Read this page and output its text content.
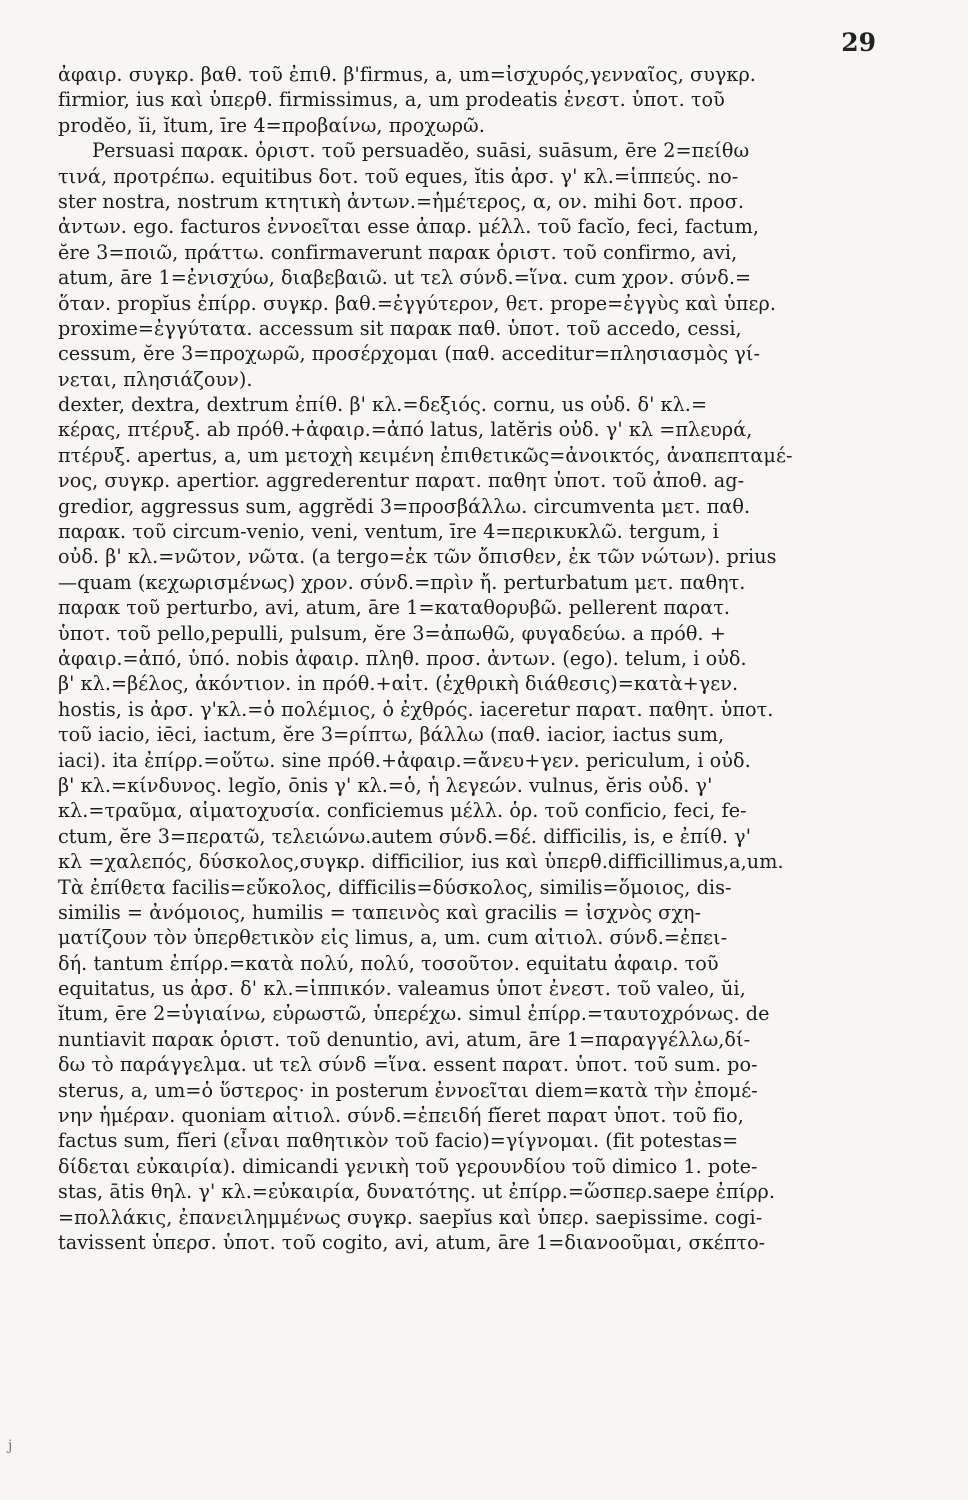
29
ἀφαιρ. συγκρ. βαθ. τοῦ ἐπιθ. β'firmus, a, um=ἰσχυρός,γενναῖος, συγκρ.
firmior, ius καὶ ὑπερθ. firmissimus, a, um prodeatis ἐνεστ. ὑποτ. τοῦ
prodĕo, ĭi, ĭtum, īre 4=προβαίνω, προχωρῶ.
Persuasi παρακ. ὁριστ. τοῦ persuadĕo, suāsi, suāsum, ēre 2=πείθω
τινά, προτρέπω. equitibus δοτ. τοῦ eques, ĭtis ἀρσ. γ' κλ.=ἱππεύς. no-
ster nostra, nostrum κτητικὴ ἀντων.=ἡμέτερος, α, ον. mihi δοτ. προσ.
ἀντων. ego. facturos ἐννοεῖται esse ἀπαρ. μέλλ. τοῦ facĭo, feci, factum,
ĕre 3=ποιῶ, πράττω. confirmaverunt παρακ ὁριστ. τοῦ confirmo, avi,
atum, āre 1=ἐνισχύω, διαβεβαιῶ. ut τελ σύνδ.=ἵνα. cum χρον. σύνδ.=
ὅταν. propĭus ἐπίρρ. συγκρ. βαθ.=ἐγγύτερον, θετ. prope=ἐγγὺς καὶ ὑπερ.
proxime=ἐγγύτατα. accessum sit παρακ παθ. ὑποτ. τοῦ accedo, cessi,
cessum, ĕre 3=προχωρῶ, προσέρχομαι (παθ. acceditur=πλησιασμὸς γί-
νεται, πλησιάζουν).
dexter, dextra, dextrum ἐπίθ. β' κλ.=δεξιός. cornu, us οὐδ. δ' κλ.=
κέρας, πτέρυξ. ab πρόθ.+ἀφαιρ.=ἀπό latus, latĕris οὐδ. γ' κλ =πλευρά,
πτέρυξ. apertus, a, um μετοχὴ κειμένη ἐπιθετικῶς=ἀνοικτός, ἀναπεπταμέ-
νος, συγκρ. apertior. aggrederentur παρατ. παθητ ὑποτ. τοῦ ἀποθ. ag-
gredior, aggressus sum, aggrĕdi 3=προσβάλλω. circumventa μετ. παθ.
παρακ. τοῦ circum-venio, veni, ventum, īre 4=περικυκλῶ. tergum, i
οὐδ. β' κλ.=νῶτον, νῶτα. (a tergo=ἐκ τῶν ὄπισθεν, ἐκ τῶν νώτων). prius
—quam (κεχωρισμένως) χρον. σύνδ.=πρὶν ἤ. perturbatum μετ. παθητ.
παρακ τοῦ perturbo, avi, atum, āre 1=καταθορυβῶ. pellerent παρατ.
ὑποτ. τοῦ pello,pepulli, pulsum, ĕre 3=ἀπωθῶ, φυγαδεύω. a πρόθ. +
ἀφαιρ.=ἀπό, ὑπό. nobis ἀφαιρ. πληθ. προσ. ἀντων. (ego). telum, i οὐδ.
β' κλ.=βέλος, ἀκόντιον. in πρόθ.+αἰτ. (ἐχθρικὴ διάθεσις)=κατὰ+γεν.
hostis, is ἀρσ. γ'κλ.=ὁ πολέμιος, ὁ ἐχθρός. iaceretur παρατ. παθητ. ὑποτ.
τοῦ iacio, iēci, iactum, ĕre 3=ρίπτω, βάλλω (παθ. iacior, iactus sum,
iaci). ita ἐπίρρ.=οὕτω. sine πρόθ.+ἀφαιρ.=ἄνευ+γεν. periculum, i οὐδ.
β' κλ.=κίνδυνος. legĭo, ōnis γ' κλ.=ὁ, ἡ λεγεών. vulnus, ĕris οὐδ. γ'
κλ.=τραῦμα, αἱματοχυσία. conficiemus μέλλ. ὁρ. τοῦ conficio, feci, fe-
ctum, ĕre 3=περατῶ, τελειώνω.autem σύνδ.=δέ. difficilis, is, e ἐπίθ. γ'
κλ =χαλεπός, δύσκολος,συγκρ. difficilior, ius καὶ ὑπερθ.difficillimus,a,um.
Τὰ ἐπίθετα facilis=εὔκολος, difficilis=δύσκολος, similis=ὅμοιος, dis-
similis = ἀνόμοιος, humilis = ταπεινὸς καὶ gracilis = ἰσχνὸς σχη-
ματίζουν τὸν ὑπερθετικὸν εἰς limus, a, um. cum αἰτιολ. σύνδ.=ἐπει-
δή. tantum ἐπίρρ.=κατὰ πολύ, πολύ, τοσοῦτον. equitatu ἀφαιρ. τοῦ
equitatus, us ἀρσ. δ' κλ.=ἱππικόν. valeamus ὑποτ ἐνεστ. τοῦ valeo, ŭi,
ĭtum, ēre 2=ὑγιαίνω, εὐρωστῶ, ὑπερέχω. simul ἐπίρρ.=ταυτοχρόνως. de
nuntiavit παρακ ὁριστ. τοῦ denuntio, avi, atum, āre 1=παραγγέλλω,δί-
δω τὸ παράγγελμα. ut τελ σύνδ =ἵνα. essent παρατ. ὑποτ. τοῦ sum. po-
sterus, a, um=ὁ ὕστερος· in posterum ἐννοεῖται diem=κατὰ τὴν ἐπομέ-
νην ἡμέραν. quoniam αἰτιολ. σύνδ.=ἐπειδή fĭeret παρατ ὑποτ. τοῦ fio,
factus sum, fĭeri (εἶναι παθητικὸν τοῦ facio)=γίγνομαι. (fit potestas=
δίδεται εὐκαιρία). dimicandi γενικὴ τοῦ γερουνδίου τοῦ dimico 1. pote-
stas, ātis θηλ. γ' κλ.=εὐκαιρία, δυνατότης. ut ἐπίρρ.=ὥσπερ.saepe ἐπίρρ.
=πολλάκις, ἐπανειλημμένως συγκρ. saepĭus καὶ ὑπερ. saepissime. cogi-
tavissent ὑπερσ. ὑποτ. τοῦ cogito, avi, atum, āre 1=διανοοῦμαι, σκέπτο-
j
